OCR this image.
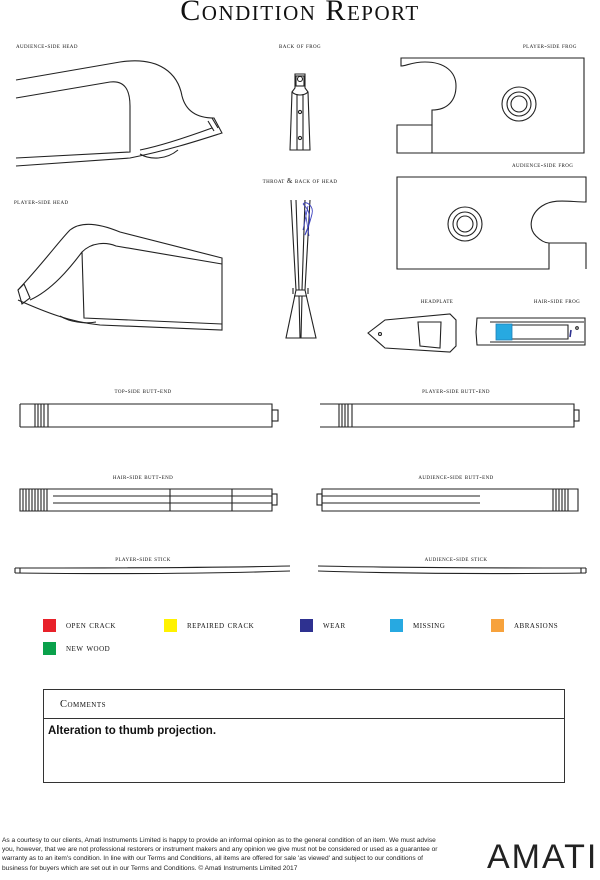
Condition Report
audience-side head	back of frog	player-side frog
throat & back of head
audience-side frog
player-side head
headplate	hair-side frog
top-side butt-end	player-side butt-end
hair-side butt-end	audience-side butt-end
player-side stick	audience-side stick
open crack	repaired crack	wear	missing	abrasions
new wood
Comments
Alteration to thumb projection.
As a courtesy to our clients, Amati Instruments Limited is happy to provide an informal opinion as to the general condition of an item. We must advise you, however, that we are not professional restorers or instrument makers and any opinion we give must not be considered or used as a guarantee or warranty as to an item's condition. In line with our Terms and Conditions, all items are offered for sale 'as viewed' and subject to our conditions of business for buyers which are set out in our Terms and Conditions. © Amati Instruments Limited 2017	AMATI
